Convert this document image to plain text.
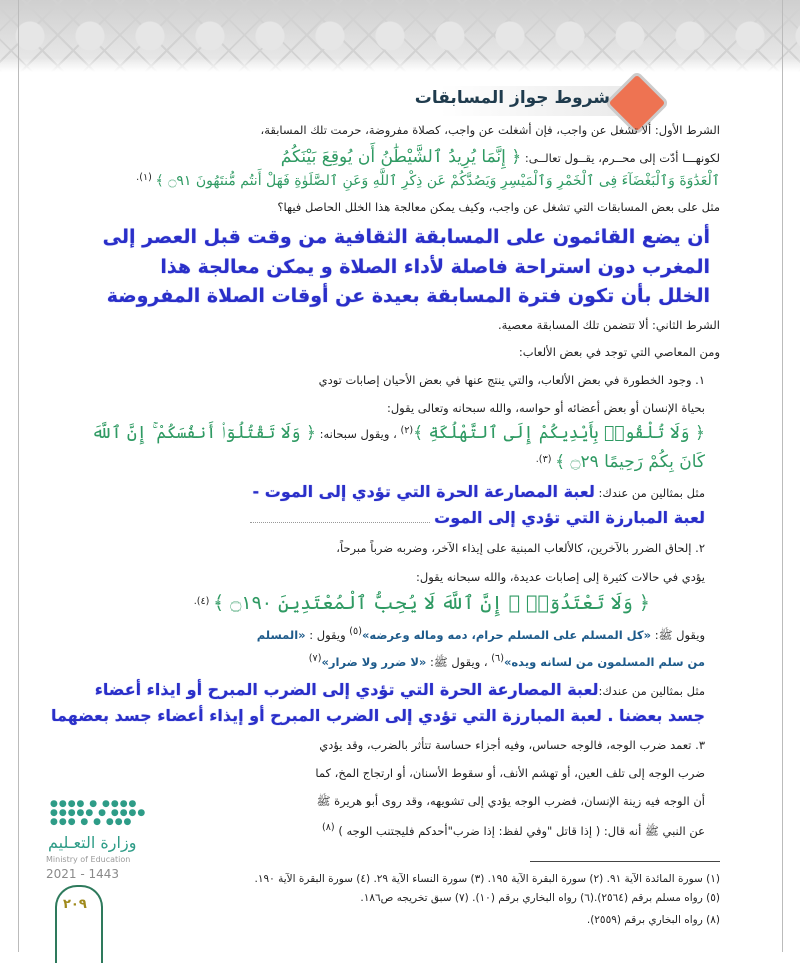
شروط جواز المسابقات
الشرط الأول: ألا تشغل عن واجب، فإن أشغلت عن واجب، كصلاة مفروضة، حرمت تلك المسابقة،
لكونهـــا أدّت إلى محــرم، يقــول تعالــى: ﴿ إِنَّمَا يُرِيدُ ٱلشَّيْطَٰنُ أَن يُوقِعَ بَيْنَكُمُ
ٱلْعَدَٰوَةَ وَٱلْبَغْضَآءَ فِى ٱلْخَمْرِ وَٱلْمَيْسِرِ وَيَصُدَّكُمْ عَن ذِكْرِ ٱللَّهِ وَعَنِ ٱلصَّلَوٰةِ فَهَلْ أَنتُم مُّنتَهُونَ ۝٩١ ﴾ $^{(١).}$
مثل على بعض المسابقات التي تشغل عن واجب، وكيف يمكن معالجة هذا الخلل الحاصل فيها؟
أن يضع القائمون على المسابقة الثقافية من وقت قبل العصر إلى
المغرب دون استراحة فاصلة لأداء الصلاة و يمكن معالجة هذا
الخلل بأن تكون فترة المسابقة بعيدة عن أوقات الصلاة المفروضة
الشرط الثاني: ألا تتضمن تلك المسابقة معصية.
ومن المعاصي التي توجد في بعض الألعاب:
١. وجود الخطورة في بعض الألعاب، والتي ينتج عنها في بعض الأحيان إصابات تودي
بحياة الإنسان أو بعض أعضائه أو حواسه، والله سبحانه وتعالى يقول:
﴿ وَلَا تُلْقُوا۟ بِأَيْدِيكُمْ إِلَى ٱلتَّهْلُكَةِ ﴾$^{(٢)}$ ، ويقول سبحانه: ﴿ وَلَا تَقْتُلُوٓا۟ أَنفُسَكُمْ ۚ إِنَّ ٱللَّهَ
كَانَ بِكُمْ رَحِيمًا ۝٢٩ ﴾ $^{(٣).}$
مثل بمثالين من عندك: لعبة المصارعة الحرة التي تؤدي إلى الموت -
لعبة المبارزة التي تؤدي إلى الموت
٢. إلحاق الضرر بالآخرين، كالألعاب المبنية على إيذاء الآخر، وضربه ضرباً مبرحاً،
يؤدي في حالات كثيرة إلى إصابات عديدة، والله سبحانه يقول:
﴿ وَلَا تَعْتَدُوٓا۟ ۚ إِنَّ ٱللَّهَ لَا يُحِبُّ ٱلْمُعْتَدِينَ ۝١٩٠ ﴾ $^{(٤).}$
ويقول ﷺ: «كل المسلم على المسلم حرام، دمه وماله وعرضه»$^{(٥)}$ ويقول : «المسلم
من سلم المسلمون من لسانه ويده»$^{(٦)}$ ، ويقول ﷺ: «لا ضرر ولا ضرار»$^{(٧)}$
مثل بمثالين من عندك:لعبة المصارعة الحرة التي تؤدي إلى الضرب المبرح أو ايذاء أعضاء
جسد بعضنا . لعبة المبارزة التي تؤدي إلى الضرب المبرح أو إيذاء أعضاء جسد بعضهما
٣. تعمد ضرب الوجه، فالوجه حساس، وفيه أجزاء حساسة تتأثر بالضرب، وقد يؤدي
ضرب الوجه إلى تلف العين، أو تهشم الأنف، أو سقوط الأسنان، أو ارتجاج المخ، كما
أن الوجه فيه زينة الإنسان، فضرب الوجه يؤدي إلى تشويهه، وقد روى أبو هريرة ﷺ
عن النبي ﷺ أنه قال: ( إذا قاتل "وفي لفظ: إذا ضرب"أحدكم فليجتنب الوجه ) $^{(٨)}$
(١) سورة المائدة الآية ٩١. (٢) سورة البقرة الآية ١٩٥. (٣) سورة النساء الآية ٢٩. (٤) سورة البقرة الآية ١٩٠.
(٥) رواه مسلم برقم (٢٥٦٤).(٦) رواه البخاري برقم (١٠). (٧) سبق تخريجه ص١٨٦.
(٨) رواه البخاري برقم (٢٥٥٩).
●●●● ● ●●●●
●●●●● ● ●●●●
●●● ● ● ●●●
وزارة التعـليم
Ministry of Education
2021 - 1443
٢٠٩
